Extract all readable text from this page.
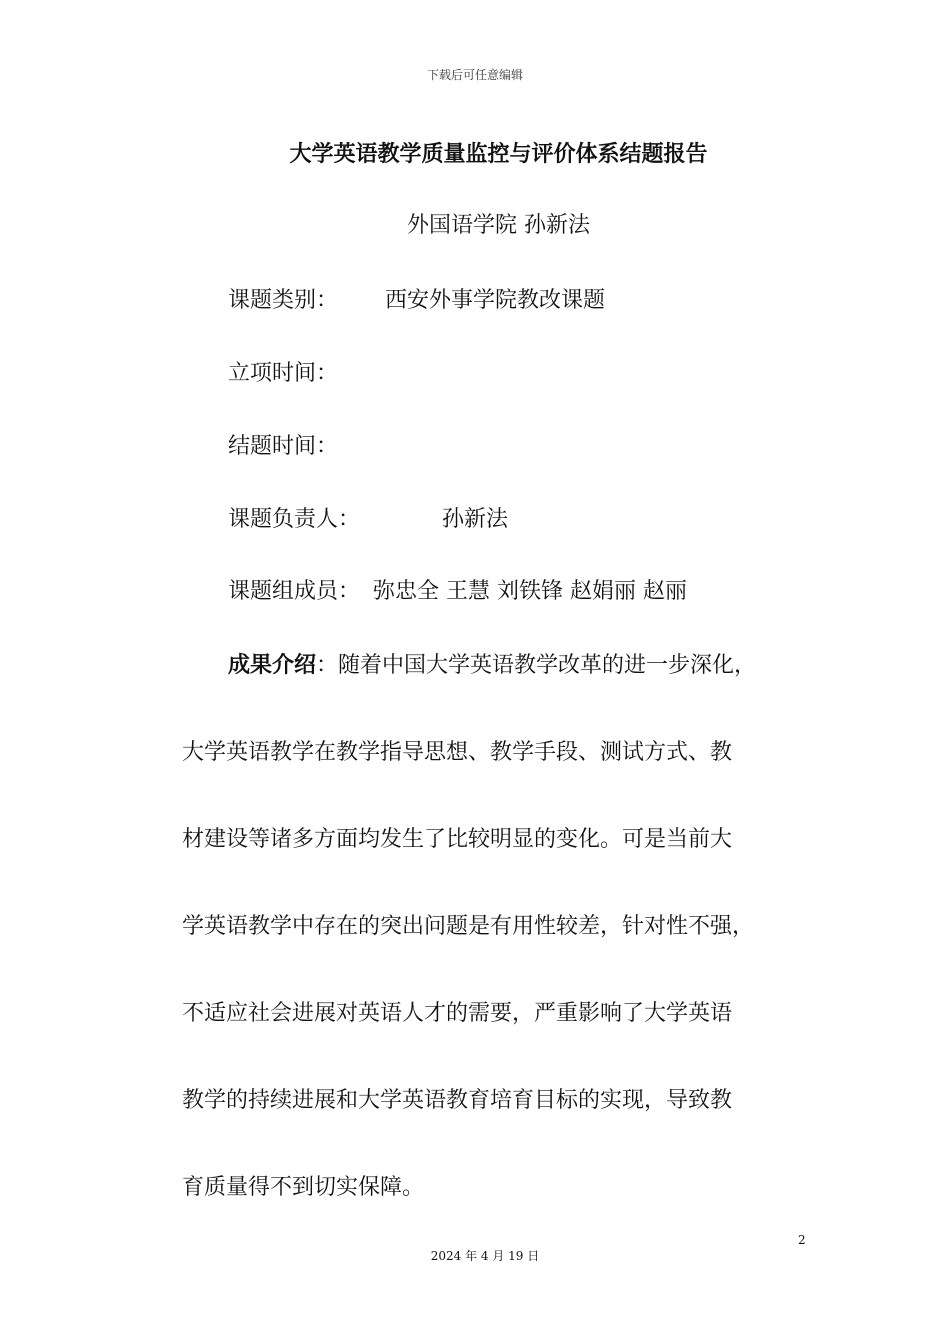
下载后可任意编辑
大学英语教学质量监控与评价体系结题报告
外国语学院 孙新法
课题类别： 西安外事学院教改课题
立项时间：
结题时间：
课题负责人：	孙新法
课题组成员： 弥忠全 王慧 刘铁锋 赵娟丽 赵丽
成果介绍：随着中国大学英语教学改革的进一步深化，
大学英语教学在教学指导思想、教学手段、测试方式、教
材建设等诸多方面均发生了比较明显的变化。可是当前大
学英语教学中存在的突出问题是有用性较差，针对性不强，
不适应社会进展对英语人才的需要，严重影响了大学英语
教学的持续进展和大学英语教育培育目标的实现，导致教
育质量得不到切实保障。
2
2024 年 4 月 19 日
